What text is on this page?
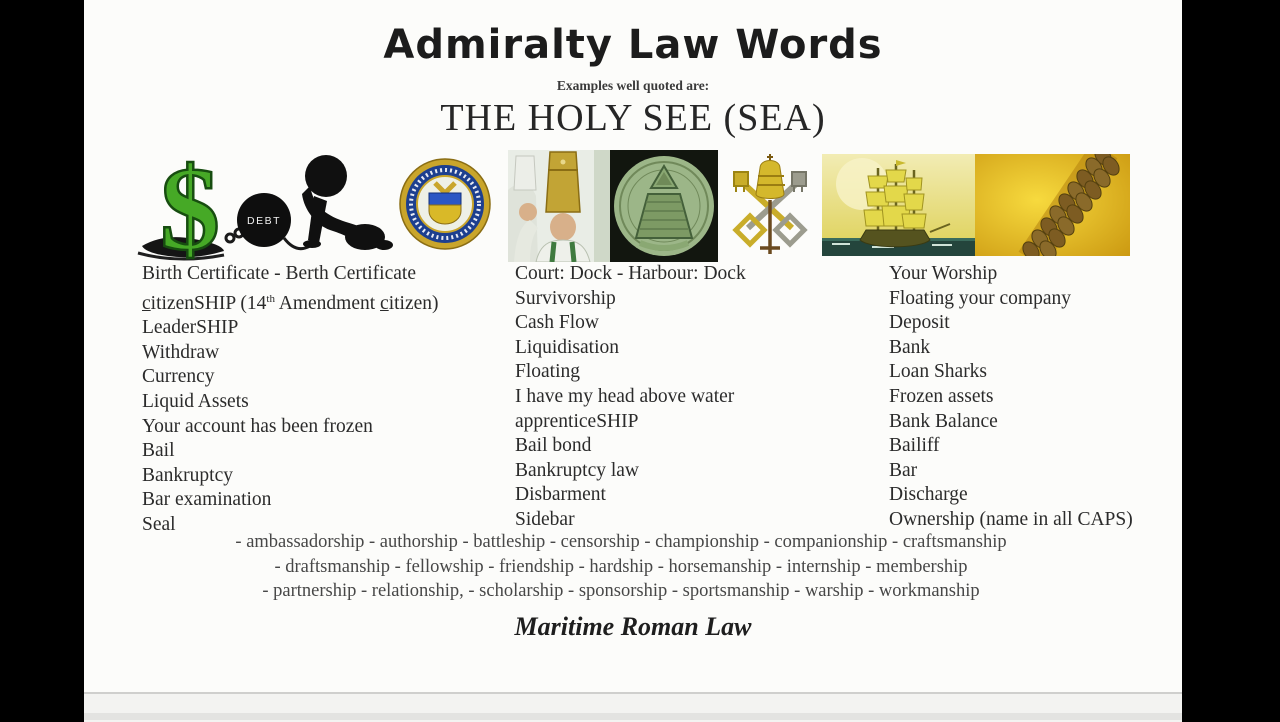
Admiralty Law Words
Examples well quoted are:
THE HOLY SEE (SEA)
$	DEBT
Birth Certificate - Berth Certificate
citizenSHIP (14th Amendment citizen)
LeaderSHIP
Withdraw
Currency
Liquid Assets
Your account has been frozen
Bail
Bankruptcy
Bar examination
Seal
Court: Dock - Harbour: Dock
Survivorship
Cash Flow
Liquidisation
Floating
I have my head above water
apprenticeSHIP
Bail bond
Bankruptcy law
Disbarment
Sidebar
Your Worship
Floating your company
Deposit
Bank
Loan Sharks
Frozen assets
Bank Balance
Bailiff
Bar
Discharge
Ownership (name in all CAPS)
- ambassadorship - authorship - battleship - censorship - championship - companionship - craftsmanship
- draftsmanship - fellowship - friendship - hardship - horsemanship - internship - membership
- partnership - relationship, - scholarship - sponsorship - sportsmanship - warship - workmanship
Maritime Roman Law
